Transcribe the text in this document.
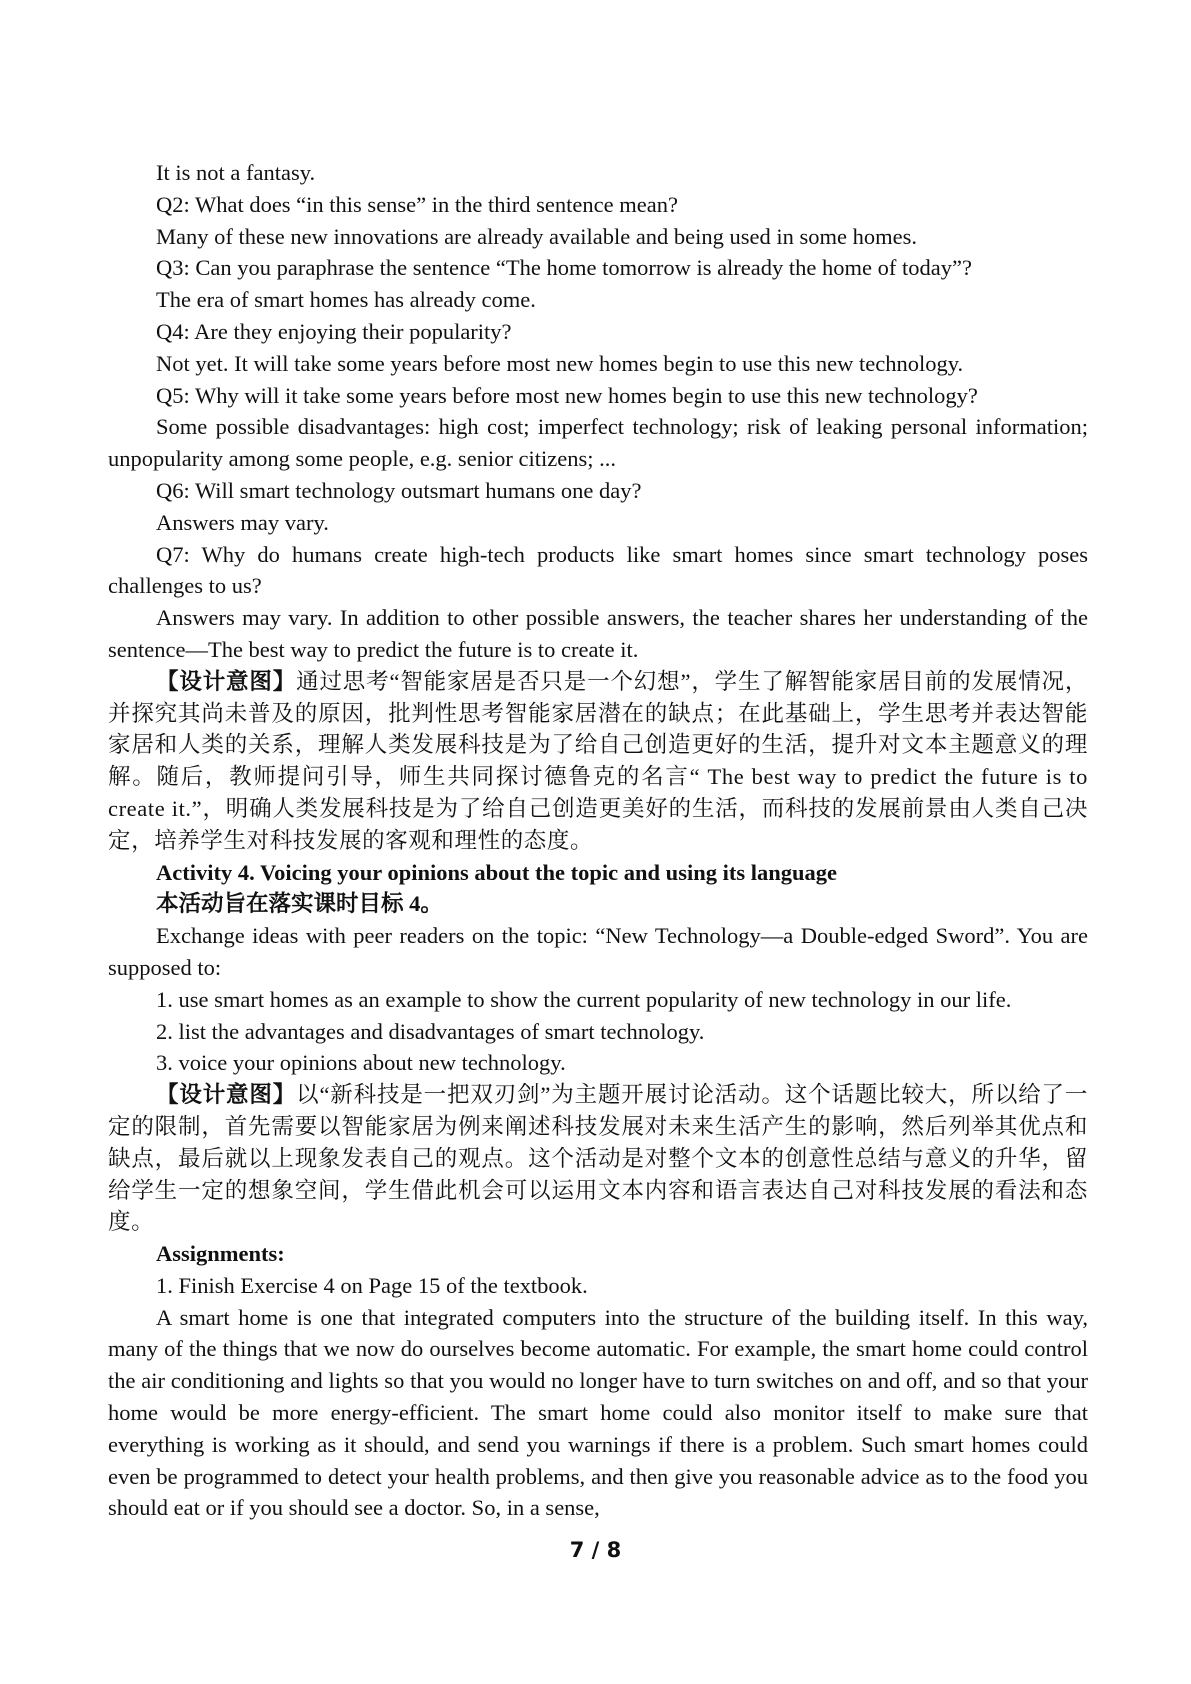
It is not a fantasy.

Q2: What does “in this sense” in the third sentence mean?

Many of these new innovations are already available and being used in some homes.

Q3: Can you paraphrase the sentence “The home tomorrow is already the home of today”?

The era of smart homes has already come.

Q4: Are they enjoying their popularity?

Not yet. It will take some years before most new homes begin to use this new technology.

Q5: Why will it take some years before most new homes begin to use this new technology?

Some possible disadvantages: high cost; imperfect technology; risk of leaking personal information; unpopularity among some people, e.g. senior citizens; ...

Q6: Will smart technology outsmart humans one day?

Answers may vary.

Q7: Why do humans create high-tech products like smart homes since smart technology poses challenges to us?

Answers may vary. In addition to other possible answers, the teacher shares her understanding of the sentence—The best way to predict the future is to create it.

【设计意图】通过思考“智能家居是否只是一个幻想”，学生了解智能家居目前的发展情况，并探究其尚未普及的原因，批判性思考智能家居潜在的缺点；在此基础上，学生思考并表达智能家居和人类的关系，理解人类发展科技是为了给自己创造更好的生活，提升对文本主题意义的理解。随后，教师提问引导，师生共同探讨德鲁克的名言“ The best way to predict the future is to create it.”，明确人类发展科技是为了给自己创造更美好的生活，而科技的发展前景由人类自己决定，培养学生对科技发展的客观和理性的态度。

Activity 4. Voicing your opinions about the topic and using its language

本活动旨在落实课时目标 4。

Exchange ideas with peer readers on the topic: “New Technology—a Double-edged Sword”. You are supposed to:

1. use smart homes as an example to show the current popularity of new technology in our life.

2. list the advantages and disadvantages of smart technology.

3. voice your opinions about new technology.

【设计意图】以“新科技是一把双刃剑”为主题开展讨论活动。这个话题比较大，所以给了一定的限制，首先需要以智能家居为例来阐述科技发展对未来生活产生的影响，然后列举其优点和缺点，最后就以上现象发表自己的观点。这个活动是对整个文本的创意性总结与意义的升华，留给学生一定的想象空间，学生借此机会可以运用文本内容和语言表达自己对科技发展的看法和态度。

Assignments:

1. Finish Exercise 4 on Page 15 of the textbook.

A smart home is one that integrated computers into the structure of the building itself. In this way, many of the things that we now do ourselves become automatic. For example, the smart home could control the air conditioning and lights so that you would no longer have to turn switches on and off, and so that your home would be more energy-efficient. The smart home could also monitor itself to make sure that everything is working as it should, and send you warnings if there is a problem. Such smart homes could even be programmed to detect your health problems, and then give you reasonable advice as to the food you should eat or if you should see a doctor. So, in a sense,

7 / 8
